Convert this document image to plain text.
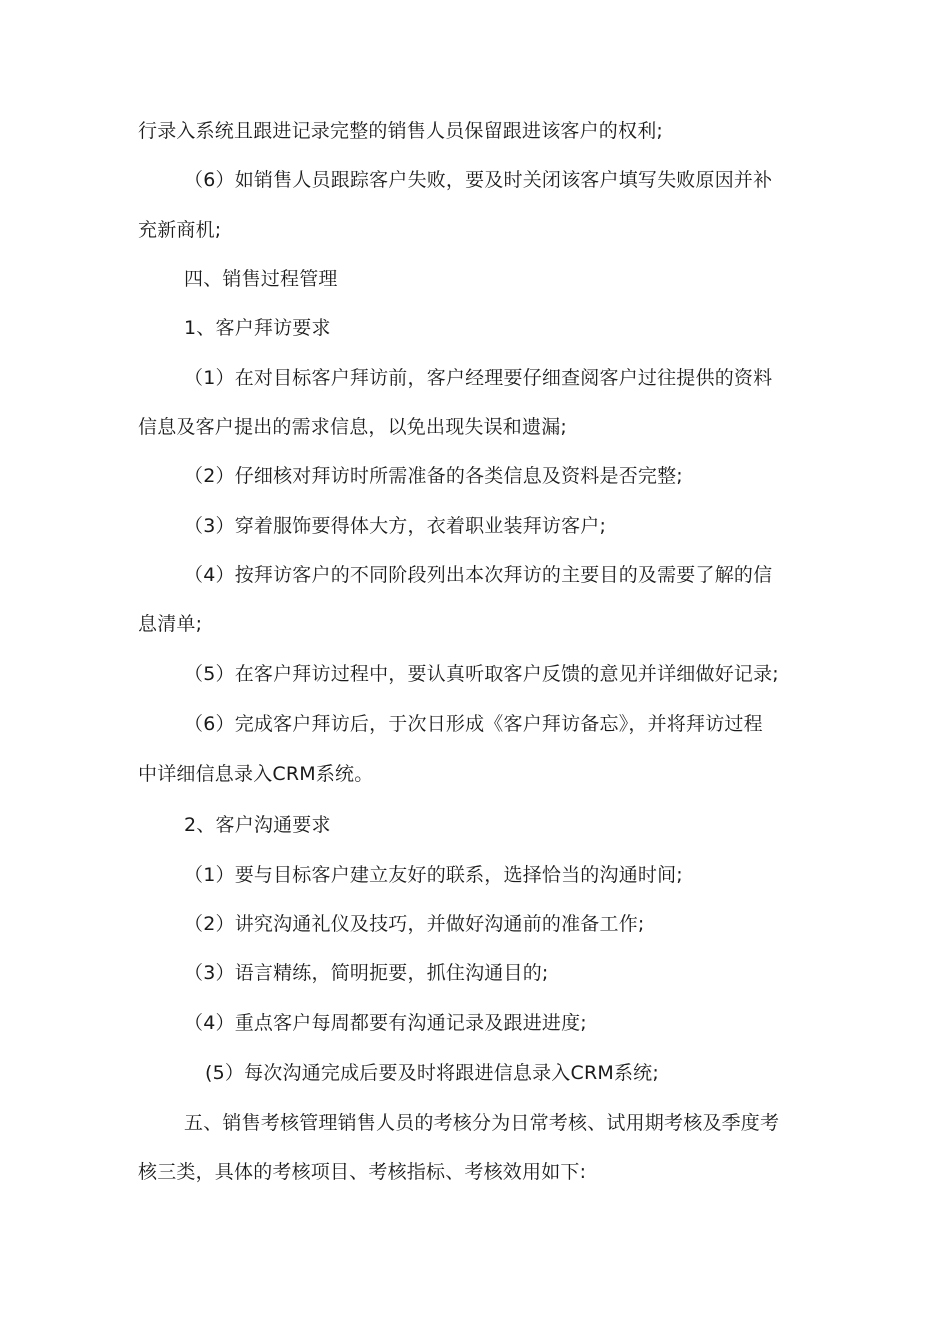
行录入系统且跟进记录完整的销售人员保留跟进该客户的权利;
（6）如销售人员跟踪客户失败，要及时关闭该客户填写失败原因并补
充新商机;
四、销售过程管理
1、客户拜访要求
（1）在对目标客户拜访前，客户经理要仔细查阅客户过往提供的资料
信息及客户提出的需求信息，以免出现失误和遗漏;
（2）仔细核对拜访时所需准备的各类信息及资料是否完整;
（3）穿着服饰要得体大方，衣着职业装拜访客户;
（4）按拜访客户的不同阶段列出本次拜访的主要目的及需要了解的信
息清单;
（5）在客户拜访过程中，要认真听取客户反馈的意见并详细做好记录;
（6）完成客户拜访后，于次日形成《客户拜访备忘》，并将拜访过程
中详细信息录入CRM系统。
2、客户沟通要求
（1）要与目标客户建立友好的联系，选择恰当的沟通时间;
（2）讲究沟通礼仪及技巧，并做好沟通前的准备工作;
（3）语言精练，简明扼要，抓住沟通目的;
（4）重点客户每周都要有沟通记录及跟进进度;
(5）每次沟通完成后要及时将跟进信息录入CRM系统;
五、销售考核管理销售人员的考核分为日常考核、试用期考核及季度考
核三类，具体的考核项目、考核指标、考核效用如下:
